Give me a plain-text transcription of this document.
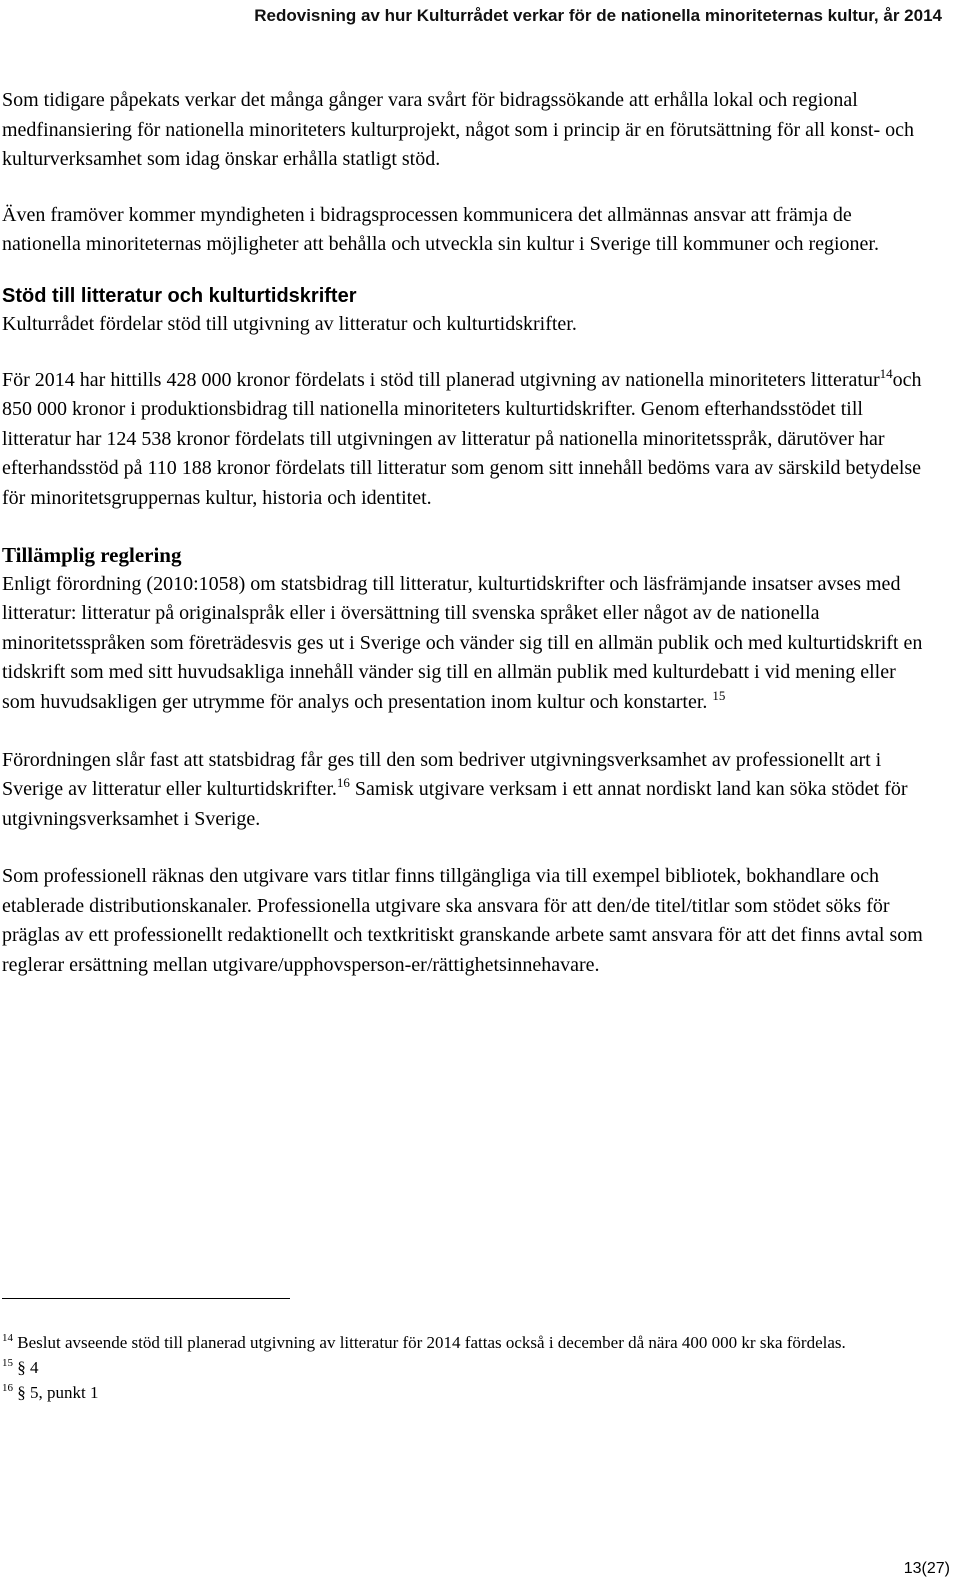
Redovisning av hur Kulturrådet verkar för de nationella minoriteternas kultur, år 2014

Som tidigare påpekats verkar det många gånger vara svårt för bidragssökande att erhålla lokal och regional medfinansiering för nationella minoriteters kulturprojekt, något som i princip är en förutsättning för all konst- och kulturverksamhet som idag önskar erhålla statligt stöd.

Även framöver kommer myndigheten i bidragsprocessen kommunicera det allmännas ansvar att främja de nationella minoriteternas möjligheter att behålla och utveckla sin kultur i Sverige till kommuner och regioner.

Stöd till litteratur och kulturtidskrifter

Kulturrådet fördelar stöd till utgivning av litteratur och kulturtidskrifter.

För 2014 har hittills 428 000 kronor fördelats i stöd till planerad utgivning av nationella minoriteters litteratur$^{14}$och 850 000 kronor i produktionsbidrag till nationella minoriteters kulturtidskrifter. Genom efterhandsstödet till litteratur har 124 538 kronor fördelats till utgivningen av litteratur på nationella minoritetsspråk, därutöver har efterhandsstöd på 110 188 kronor fördelats till litteratur som genom sitt innehåll bedöms vara av särskild betydelse för minoritetsgruppernas kultur, historia och identitet.

Tillämplig reglering

Enligt förordning (2010:1058) om statsbidrag till litteratur, kulturtidskrifter och läsfrämjande insatser avses med litteratur: litteratur på originalspråk eller i översättning till svenska språket eller något av de nationella minoritetsspråken som företrädesvis ges ut i Sverige och vänder sig till en allmän publik och med kulturtidskrift en tidskrift som med sitt huvudsakliga innehåll vänder sig till en allmän publik med kulturdebatt i vid mening eller som huvudsakligen ger utrymme för analys och presentation inom kultur och konstarter. $^{15}$

Förordningen slår fast att statsbidrag får ges till den som bedriver utgivningsverksamhet av professionellt art i Sverige av litteratur eller kulturtidskrifter.$^{16}$ Samisk utgivare verksam i ett annat nordiskt land kan söka stödet för utgivningsverksamhet i Sverige.

Som professionell räknas den utgivare vars titlar finns tillgängliga via till exempel bibliotek, bokhandlare och etablerade distributionskanaler. Professionella utgivare ska ansvara för att den/de titel/titlar som stödet söks för präglas av ett professionellt redaktionellt och textkritiskt granskande arbete samt ansvara för att det finns avtal som reglerar ersättning mellan utgivare/upphovsperson-er/rättighetsinnehavare.

$^{14}$ Beslut avseende stöd till planerad utgivning av litteratur för 2014 fattas också i december då nära 400 000 kr ska fördelas.
$^{15}$ § 4
$^{16}$ § 5, punkt 1
13(27)
